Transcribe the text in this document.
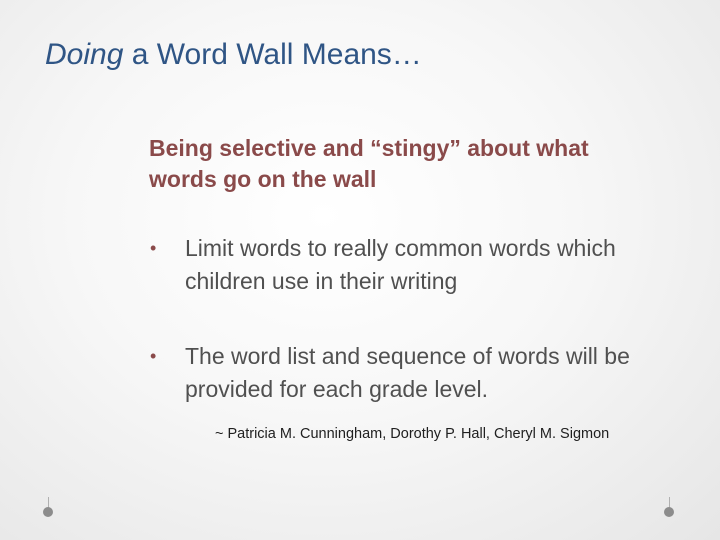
Doing a Word Wall Means…
Being selective and “stingy” about what words go on the wall
• Limit words to really common words which children use in their writing
• The word list and sequence of words will be provided for each grade level.
~ Patricia M. Cunningham, Dorothy P. Hall, Cheryl M. Sigmon
